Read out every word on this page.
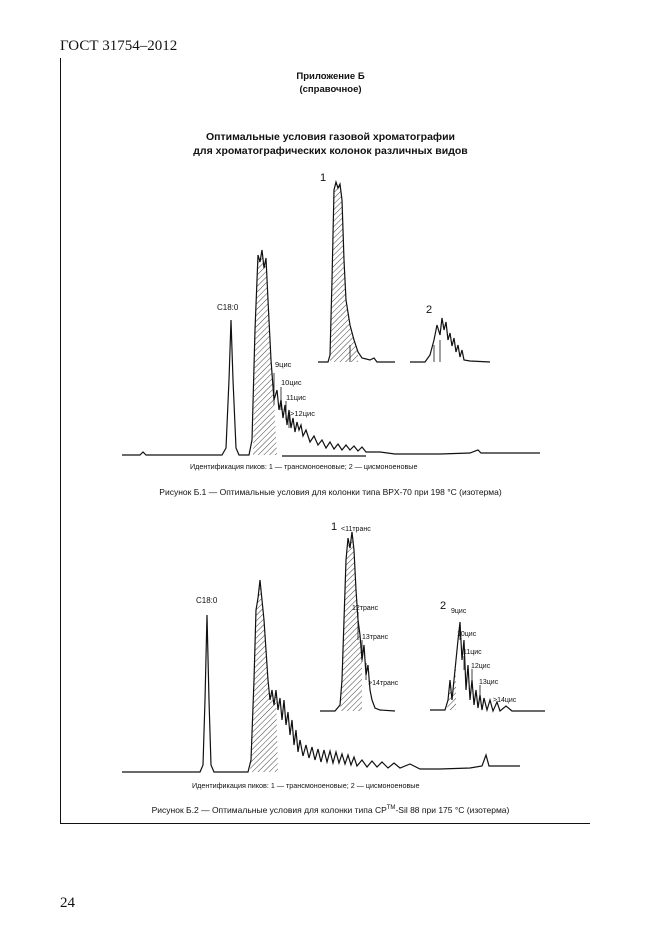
ГОСТ 31754–2012
Приложение Б
(справочное)
Оптимальные условия газовой хроматографии
для хроматографических колонок различных видов
C18:0
9цис
10цис
11цис
>12цис
1
2
Идентификация пиков: 1 — трансмоноеновые; 2 — цисмоноеновые
Рисунок Б.1 — Оптимальные условия для колонки типа BPX-70 при 198 °С (изотерма)
C18:0
1 <11транс
12транс
13транс
>14транс
2 9цис
10цис
11цис
12цис
13цис
>14цис
Идентификация пиков: 1 — трансмоноеновые; 2 — цисмоноеновые
Рисунок Б.2 — Оптимальные условия для колонки типа CP™-Sil 88 при 175 °С (изотерма)
24
